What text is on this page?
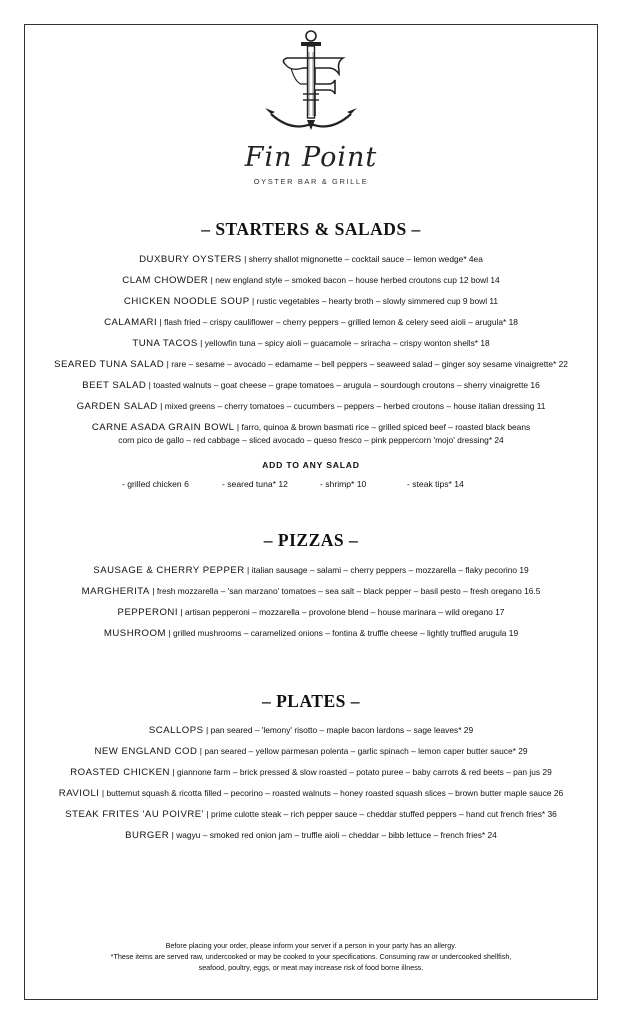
Fin Point
OYSTER BAR & GRILLE
– STARTERS & SALADS –
DUXBURY OYSTERS | sherry shallot mignonette – cocktail sauce – lemon wedge* 4ea
CLAM CHOWDER | new england style – smoked bacon – house herbed croutons cup 12 bowl 14
CHICKEN NOODLE SOUP | rustic vegetables – hearty broth – slowly simmered cup 9 bowl 11
CALAMARI | flash fried – crispy cauliflower – cherry peppers – grilled lemon & celery seed aioli – arugula* 18
TUNA TACOS | yellowfin tuna – spicy aioli – guacamole – sriracha – crispy wonton shells* 18
SEARED TUNA SALAD | rare – sesame – avocado – edamame – bell peppers – seaweed salad – ginger soy sesame vinaigrette* 22
BEET SALAD | toasted walnuts – goat cheese – grape tomatoes – arugula – sourdough croutons – sherry vinaigrette 16
GARDEN SALAD | mixed greens – cherry tomatoes – cucumbers – peppers – herbed croutons – house italian dressing 11
CARNE ASADA GRAIN BOWL | farro, quinoa & brown basmati rice – grilled spiced beef – roasted black beans
corn pico de gallo – red cabbage – sliced avocado – queso fresco – pink peppercorn 'mojo' dressing* 24
ADD TO ANY SALAD
- grilled chicken 6	- seared tuna* 12	- shrimp* 10	- steak tips* 14
– PIZZAS –
SAUSAGE & CHERRY PEPPER | italian sausage – salami – cherry peppers – mozzarella – flaky pecorino 19
MARGHERITA | fresh mozzarella – 'san marzano' tomatoes – sea salt – black pepper – basil pesto – fresh oregano 16.5
PEPPERONI | artisan pepperoni – mozzarella – provolone blend – house marinara – wild oregano 17
MUSHROOM | grilled mushrooms – caramelized onions – fontina & truffle cheese – lightly truffled arugula 19
– PLATES –
SCALLOPS | pan seared – 'lemony' risotto – maple bacon lardons – sage leaves* 29
NEW ENGLAND COD | pan seared – yellow parmesan polenta – garlic spinach – lemon caper butter sauce* 29
ROASTED CHICKEN | giannone farm – brick pressed & slow roasted – potato puree – baby carrots & red beets – pan jus 29
RAVIOLI | butternut squash & ricotta filled – pecorino – roasted walnuts – honey roasted squash slices – brown butter maple sauce 26
STEAK FRITES 'AU POIVRE' | prime culotte steak – rich pepper sauce – cheddar stuffed peppers – hand cut french fries* 36
BURGER | wagyu – smoked red onion jam – truffle aioli – cheddar – bibb lettuce – french fries* 24
Before placing your order, please inform your server if a person in your party has an allergy.
*These items are served raw, undercooked or may be cooked to your specifications. Consuming raw or undercooked shellfish,
seafood, poultry, eggs, or meat may increase risk of food borne illness.
